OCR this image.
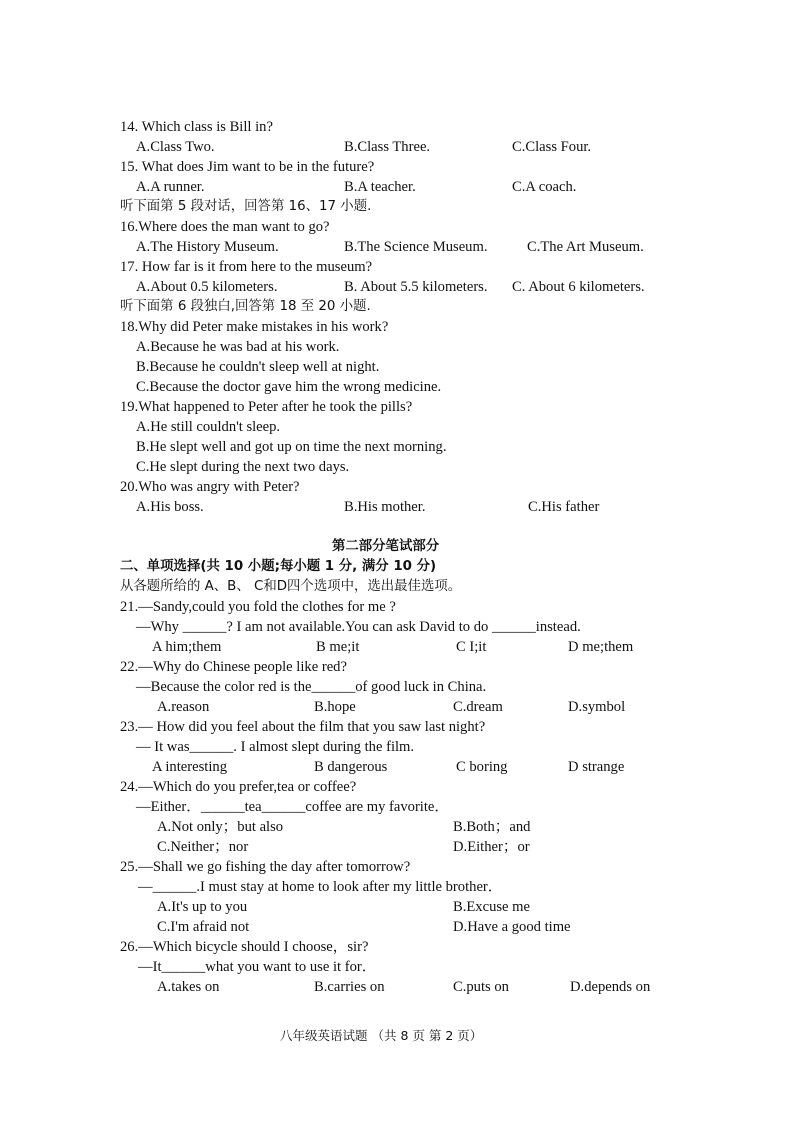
14. Which class is Bill in?
A.Class Two.	B.Class Three.	C.Class Four.
15. What does Jim want to be in the future?
A.A runner.	B.A teacher.	C.A coach.
听下面第 5 段对话，回答第 16、17 小题.
16.Where does the man want to go?
A.The History Museum.	B.The Science Museum.	C.The Art Museum.
17. How far is it from here to the museum?
A.About 0.5 kilometers.	B. About 5.5 kilometers. C. About 6 kilometers.
听下面第 6 段独白,回答第 18 至 20 小题.
18.Why did Peter make mistakes in his work?
A.Because he was bad at his work.
B.Because he couldn't sleep well at night.
C.Because the doctor gave him the wrong medicine.
19.What happened to Peter after he took the pills?
A.He still couldn't sleep.
B.He slept well and got up on time the next morning.
C.He slept during the next two days.
20.Who was angry with Peter?
A.His boss.	B.His mother.	C.His father
第二部分笔试部分
二、单项选择(共 10 小题;每小题 1 分, 满分 10 分)
从各题所给的 A、B、 C和D四个选项中，选出最佳选项。
21.—Sandy,could you fold the clothes for me ?
—Why ______? I am not available.You can ask David to do ______instead.
A him;them	B me;it	C I;it	D me;them
22.—Why do Chinese people like red?
—Because the color red is the______of good luck in China.
A.reason	B.hope	C.dream	D.symbol
23.— How did you feel about the film that you saw last night?
— It was______. I almost slept during the film.
A interesting	B dangerous	C boring	D strange
24.—Which do you prefer,tea or coffee?
—Either．______tea______coffee are my favorite．
A.Not only；but also	B.Both；and
C.Neither；nor	D.Either；or
25.—Shall we go fishing the day after tomorrow?
—______.I must stay at home to look after my little brother．
A.It's up to you	B.Excuse me
C.I'm afraid not	D.Have a good time
26.—Which bicycle should I choose，sir?
—It______what you want to use it for．
A.takes on	B.carries on	C.puts on	D.depends on
八年级英语试题 （共 8 页 第 2 页）
